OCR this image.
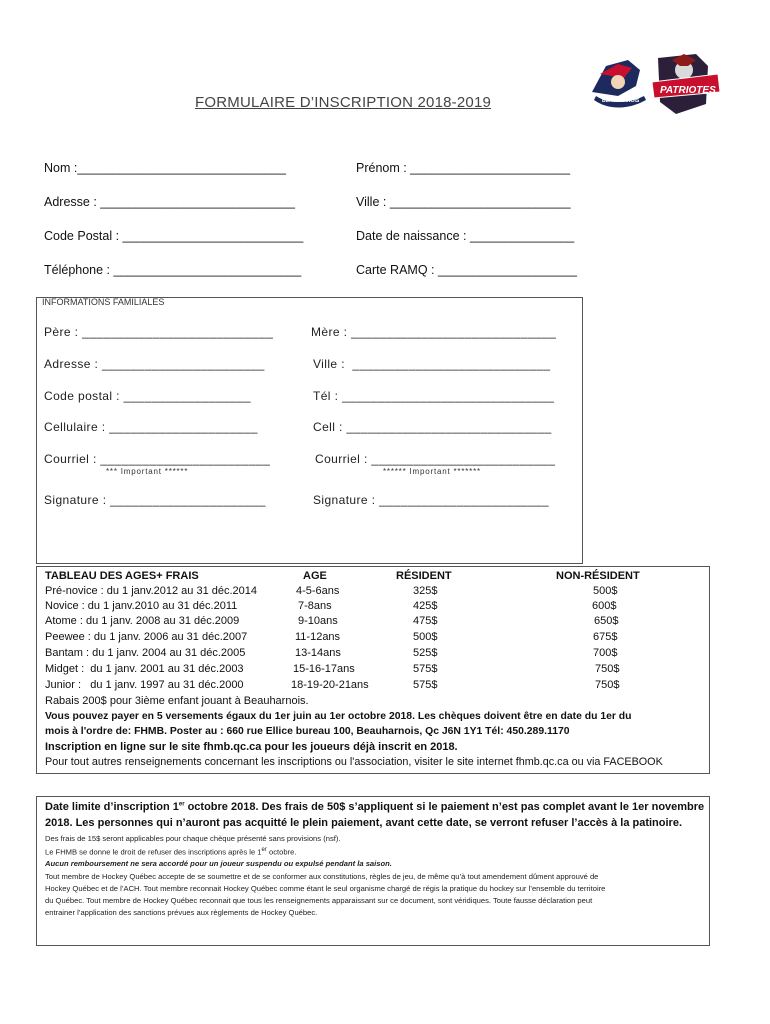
FORMULAIRE D’INSCRIPTION 2018-2019	BEAUHARNOIS
PATRIOTES
Nom :______________________________	Prénom : _______________________
Adresse : ____________________________	Ville : __________________________
Code Postal : __________________________	Date de naissance : _______________
Téléphone : ___________________________	Carte RAMQ : ____________________
INFORMATIONS FAMILIALES
Père : ___________________________	Mère : _____________________________
Adresse : _______________________	Ville :  ____________________________
Code postal : __________________	Tél : ______________________________
Cellulaire : _____________________	Cell : _____________________________
Courriel : ________________________	Courriel : __________________________
*** Important ******	****** Important *******
Signature : ______________________	Signature : ________________________
TABLEAU DES AGES+ FRAIS	AGE	RÉSIDENT	NON-RÉSIDENT
Pré-novice : du 1 janv.2012 au 31 déc.2014	4-5-6ans	325$	500$
Novice : du 1 janv.2010 au 31 déc.2011	7-8ans	425$	600$
Atome : du 1 janv. 2008 au 31 déc.2009	9-10ans	475$	650$
Peewee : du 1 janv. 2006 au 31 déc.2007	11-12ans	500$	675$
Bantam : du 1 janv. 2004 au 31 déc.2005	13-14ans	525$	700$
Midget :  du 1 janv. 2001 au 31 déc.2003	15-16-17ans	575$	750$
Junior :   du 1 janv. 1997 au 31 déc.2000	18-19-20-21ans	575$	750$
Rabais 200$ pour 3ième enfant jouant à Beauharnois.
Vous pouvez payer en 5 versements égaux du 1er juin au 1er octobre 2018. Les chèques doivent être en date du 1er du
mois à l'ordre de: FHMB. Poster au : 660 rue Ellice bureau 100, Beauharnois, Qc J6N 1Y1 Tél: 450.289.1170
Inscription en ligne sur le site fhmb.qc.ca pour les joueurs déjà inscrit en 2018.
Pour tout autres renseignements concernant les inscriptions ou l'association, visiter le site internet fhmb.qc.ca ou via FACEBOOK
Date limite d’inscription 1er octobre 2018. Des frais de 50$ s’appliquent si le paiement n’est pas complet avant le 1er novembre
2018. Les personnes qui n’auront pas acquitté le plein paiement, avant cette date, se verront refuser l’accès à la patinoire.
Des frais de 15$ seront applicables pour chaque chèque présenté sans provisions (nsf).
Le FHMB se donne le droit de refuser des inscriptions après le 1er octobre.
Aucun remboursement ne sera accordé pour un joueur suspendu ou expulsé pendant la saison.
Tout membre de Hockey Québec accepte de se soumettre et de se conformer aux constitutions, règles de jeu, de même qu’à tout amendement dûment approuvé de
Hockey Québec et de l’ACH. Tout membre reconnait Hockey Québec comme étant le seul organisme chargé de régis la pratique du hockey sur l’ensemble du territoire
du Québec. Tout membre de Hockey Québec reconnait que tous les renseignements apparaissant sur ce document, sont véridiques. Toute fausse déclaration peut
entrainer l’application des sanctions prévues aux règlements de Hockey Québec.
